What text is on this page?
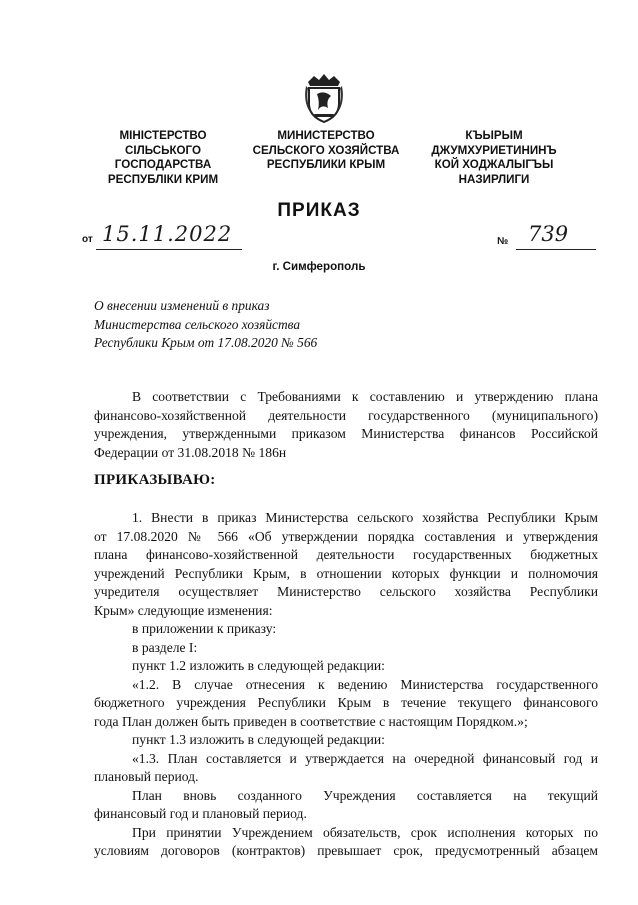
МІНІСТЕРСТВО
СІЛЬСЬКОГО
ГОСПОДАРСТВА
РЕСПУБЛІКИ КРИМ
МИНИСТЕРСТВО
СЕЛЬСКОГО ХОЗЯЙСТВА
РЕСПУБЛИКИ КРЫМ
КЪЫРЫМ
ДЖУМХУРИЕТИНИНЪ
КОЙ ХОДЖАЛЫГЪЫ
НАЗИРЛИГИ
ПРИКАЗ
от 15.11.2022	№ 739
г. Симферополь
О внесении изменений в приказ
Министерства сельского хозяйства
Республики Крым от 17.08.2020 № 566
В соответствии с Требованиями к составлению и утверждению плана
финансово-хозяйственной деятельности государственного (муниципального)
учреждения, утвержденными приказом Министерства финансов Российской
Федерации от 31.08.2018 № 186н
ПРИКАЗЫВАЮ:
1. Внести в приказ Министерства сельского хозяйства Республики Крым
от 17.08.2020 № 566 «Об утверждении порядка составления и утверждения
плана финансово-хозяйственной деятельности государственных бюджетных
учреждений Республики Крым, в отношении которых функции и полномочия
учредителя осуществляет Министерство сельского хозяйства Республики
Крым» следующие изменения:
в приложении к приказу:
в разделе I:
пункт 1.2 изложить в следующей редакции:
«1.2. В случае отнесения к ведению Министерства государственного
бюджетного учреждения Республики Крым в течение текущего финансового
года План должен быть приведен в соответствие с настоящим Порядком.»;
пункт 1.3 изложить в следующей редакции:
«1.3. План составляется и утверждается на очередной финансовый год и
плановый период.
План вновь созданного Учреждения составляется на текущий
финансовый год и плановый период.
При принятии Учреждением обязательств, срок исполнения которых по
условиям договоров (контрактов) превышает срок, предусмотренный абзацем
